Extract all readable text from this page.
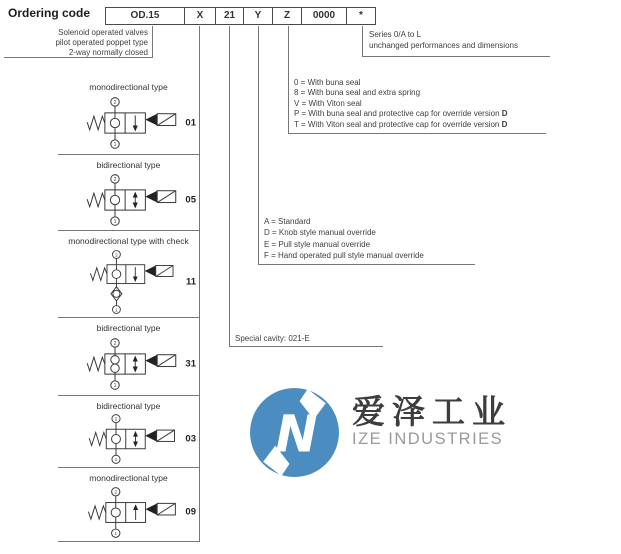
Ordering code	OD.15	X	21	Y	Z	0000	*
Solenoid operated valves
pilot operated poppet type
2-way normally closed
Series 0/A to L
unchanged performances and dimensions
0 = With buna seal
8 = With buna seal and extra spring
V = With Viton seal
P = With buna seal and protective cap for override version D
T = With Viton seal and protective cap for override version D
A = Standard
D = Knob style manual override
E = Pull style manual override
F = Hand operated pull style manual override
Special cavity: 021-E
monodirectional type
2
1
01
bidirectional type
2
1
05
monodirectional type with check
2
1
11
bidirectional type
2
1
31
bidirectional type
2
1
03
monodirectional type
2
1
09
N 爱泽工业
IZE INDUSTRIES
